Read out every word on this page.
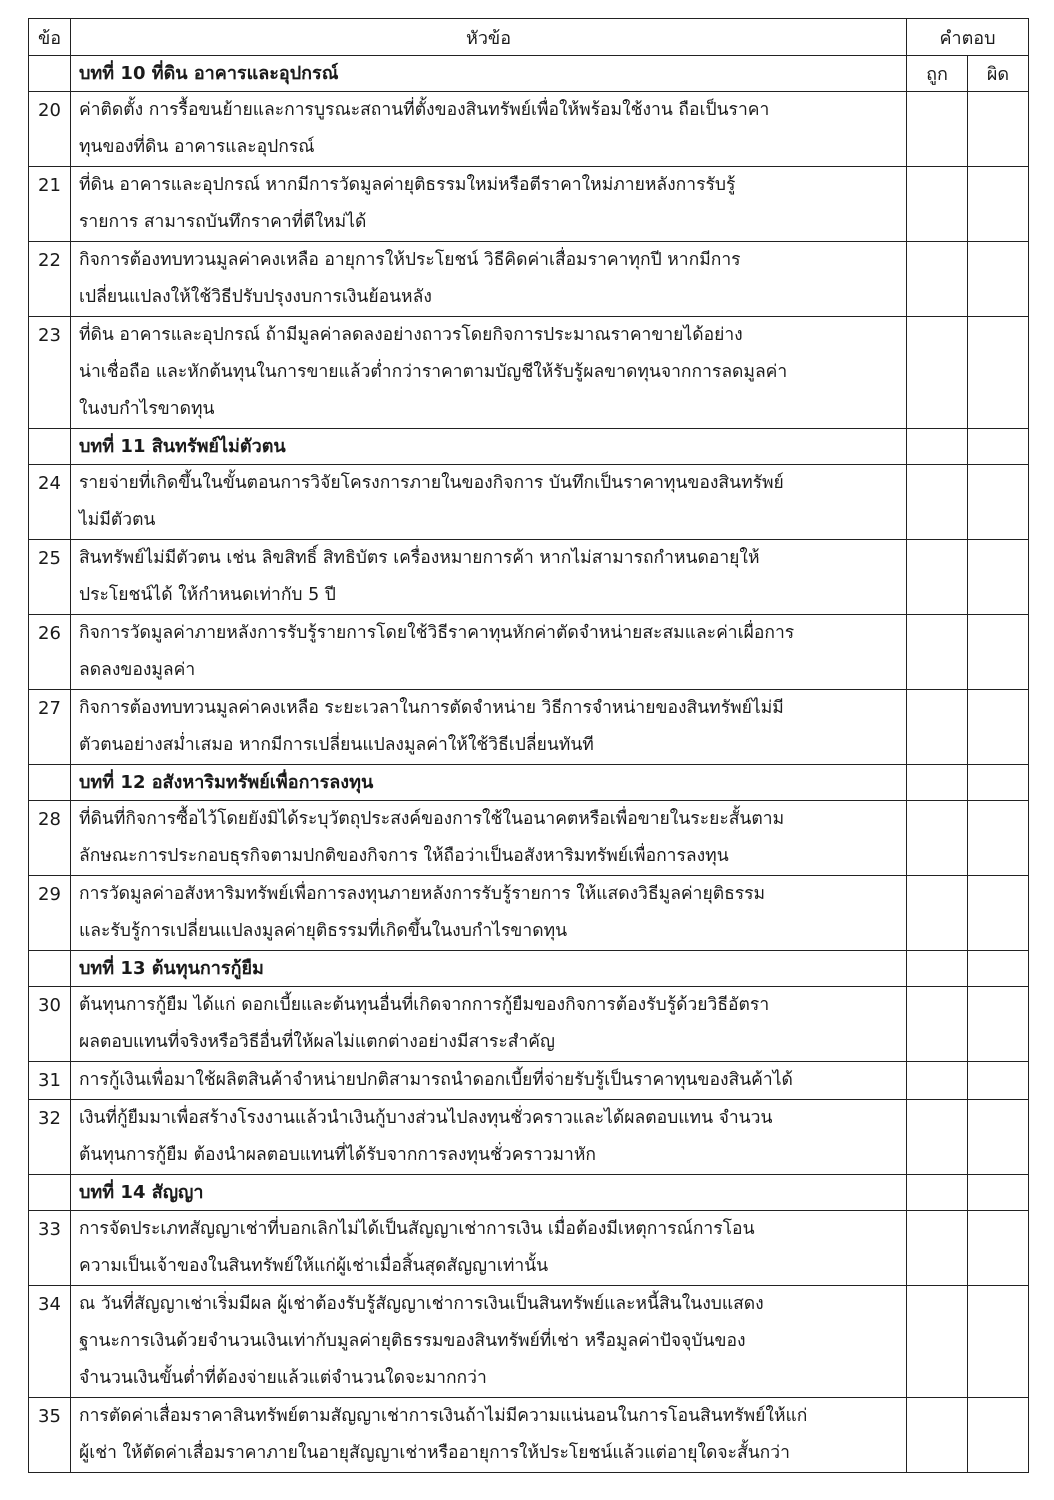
ข้อ	หัวข้อ	คำตอบ	
	บทที่ 10 ที่ดิน อาคารและอุปกรณ์	ถูก	ผิด
20	ค่าติดตั้ง การรื้อขนย้ายและการบูรณะสถานที่ตั้งของสินทรัพย์เพื่อให้พร้อมใช้งาน ถือเป็นราคา
ทุนของที่ดิน อาคารและอุปกรณ์		

21	ที่ดิน อาคารและอุปกรณ์ หากมีการวัดมูลค่ายุติธรรมใหม่หรือตีราคาใหม่ภายหลังการรับรู้
รายการ สามารถบันทึกราคาที่ตีใหม่ได้		

22	กิจการต้องทบทวนมูลค่าคงเหลือ อายุการให้ประโยชน์ วิธีคิดค่าเสื่อมราคาทุกปี หากมีการ
เปลี่ยนแปลงให้ใช้วิธีปรับปรุงงบการเงินย้อนหลัง		

23	ที่ดิน อาคารและอุปกรณ์ ถ้ามีมูลค่าลดลงอย่างถาวรโดยกิจการประมาณราคาขายได้อย่าง
น่าเชื่อถือ และหักต้นทุนในการขายแล้วต่ำกว่าราคาตามบัญชีให้รับรู้ผลขาดทุนจากการลดมูลค่า
ในงบกำไรขาดทุน		

	บทที่ 11 สินทรัพย์ไม่ตัวตน		
24	รายจ่ายที่เกิดขึ้นในขั้นตอนการวิจัยโครงการภายในของกิจการ บันทึกเป็นราคาทุนของสินทรัพย์
ไม่มีตัวตน		

25	สินทรัพย์ไม่มีตัวตน เช่น ลิขสิทธิ์ สิทธิบัตร เครื่องหมายการค้า หากไม่สามารถกำหนดอายุให้
ประโยชน์ได้ ให้กำหนดเท่ากับ 5 ปี		

26	กิจการวัดมูลค่าภายหลังการรับรู้รายการโดยใช้วิธีราคาทุนหักค่าตัดจำหน่ายสะสมและค่าเผื่อการ
ลดลงของมูลค่า		

27	กิจการต้องทบทวนมูลค่าคงเหลือ ระยะเวลาในการตัดจำหน่าย วิธีการจำหน่ายของสินทรัพย์ไม่มี
ตัวตนอย่างสม่ำเสมอ หากมีการเปลี่ยนแปลงมูลค่าให้ใช้วิธีเปลี่ยนทันที		

	บทที่ 12 อสังหาริมทรัพย์เพื่อการลงทุน		
28	ที่ดินที่กิจการซื้อไว้โดยยังมิได้ระบุวัตถุประสงค์ของการใช้ในอนาคตหรือเพื่อขายในระยะสั้นตาม
ลักษณะการประกอบธุรกิจตามปกติของกิจการ ให้ถือว่าเป็นอสังหาริมทรัพย์เพื่อการลงทุน		

29	การวัดมูลค่าอสังหาริมทรัพย์เพื่อการลงทุนภายหลังการรับรู้รายการ ให้แสดงวิธีมูลค่ายุติธรรม
และรับรู้การเปลี่ยนแปลงมูลค่ายุติธรรมที่เกิดขึ้นในงบกำไรขาดทุน		

	บทที่ 13 ต้นทุนการกู้ยืม		
30	ต้นทุนการกู้ยืม ได้แก่ ดอกเบี้ยและต้นทุนอื่นที่เกิดจากการกู้ยืมของกิจการต้องรับรู้ด้วยวิธีอัตรา
ผลตอบแทนที่จริงหรือวิธีอื่นที่ให้ผลไม่แตกต่างอย่างมีสาระสำคัญ		

31	การกู้เงินเพื่อมาใช้ผลิตสินค้าจำหน่ายปกติสามารถนำดอกเบี้ยที่จ่ายรับรู้เป็นราคาทุนของสินค้าได้		

32	เงินที่กู้ยืมมาเพื่อสร้างโรงงานแล้วนำเงินกู้บางส่วนไปลงทุนชั่วคราวและได้ผลตอบแทน จำนวน
ต้นทุนการกู้ยืม ต้องนำผลตอบแทนที่ได้รับจากการลงทุนชั่วคราวมาหัก		

	บทที่ 14 สัญญา		
33	การจัดประเภทสัญญาเช่าที่บอกเลิกไม่ได้เป็นสัญญาเช่าการเงิน เมื่อต้องมีเหตุการณ์การโอน
ความเป็นเจ้าของในสินทรัพย์ให้แก่ผู้เช่าเมื่อสิ้นสุดสัญญาเท่านั้น		

34	ณ วันที่สัญญาเช่าเริ่มมีผล ผู้เช่าต้องรับรู้สัญญาเช่าการเงินเป็นสินทรัพย์และหนี้สินในงบแสดง
ฐานะการเงินด้วยจำนวนเงินเท่ากับมูลค่ายุติธรรมของสินทรัพย์ที่เช่า หรือมูลค่าปัจจุบันของ
จำนวนเงินขั้นต่ำที่ต้องจ่ายแล้วแต่จำนวนใดจะมากกว่า		

35	การตัดค่าเสื่อมราคาสินทรัพย์ตามสัญญาเช่าการเงินถ้าไม่มีความแน่นอนในการโอนสินทรัพย์ให้แก่
ผู้เช่า ให้ตัดค่าเสื่อมราคาภายในอายุสัญญาเช่าหรืออายุการให้ประโยชน์แล้วแต่อายุใดจะสั้นกว่า		
